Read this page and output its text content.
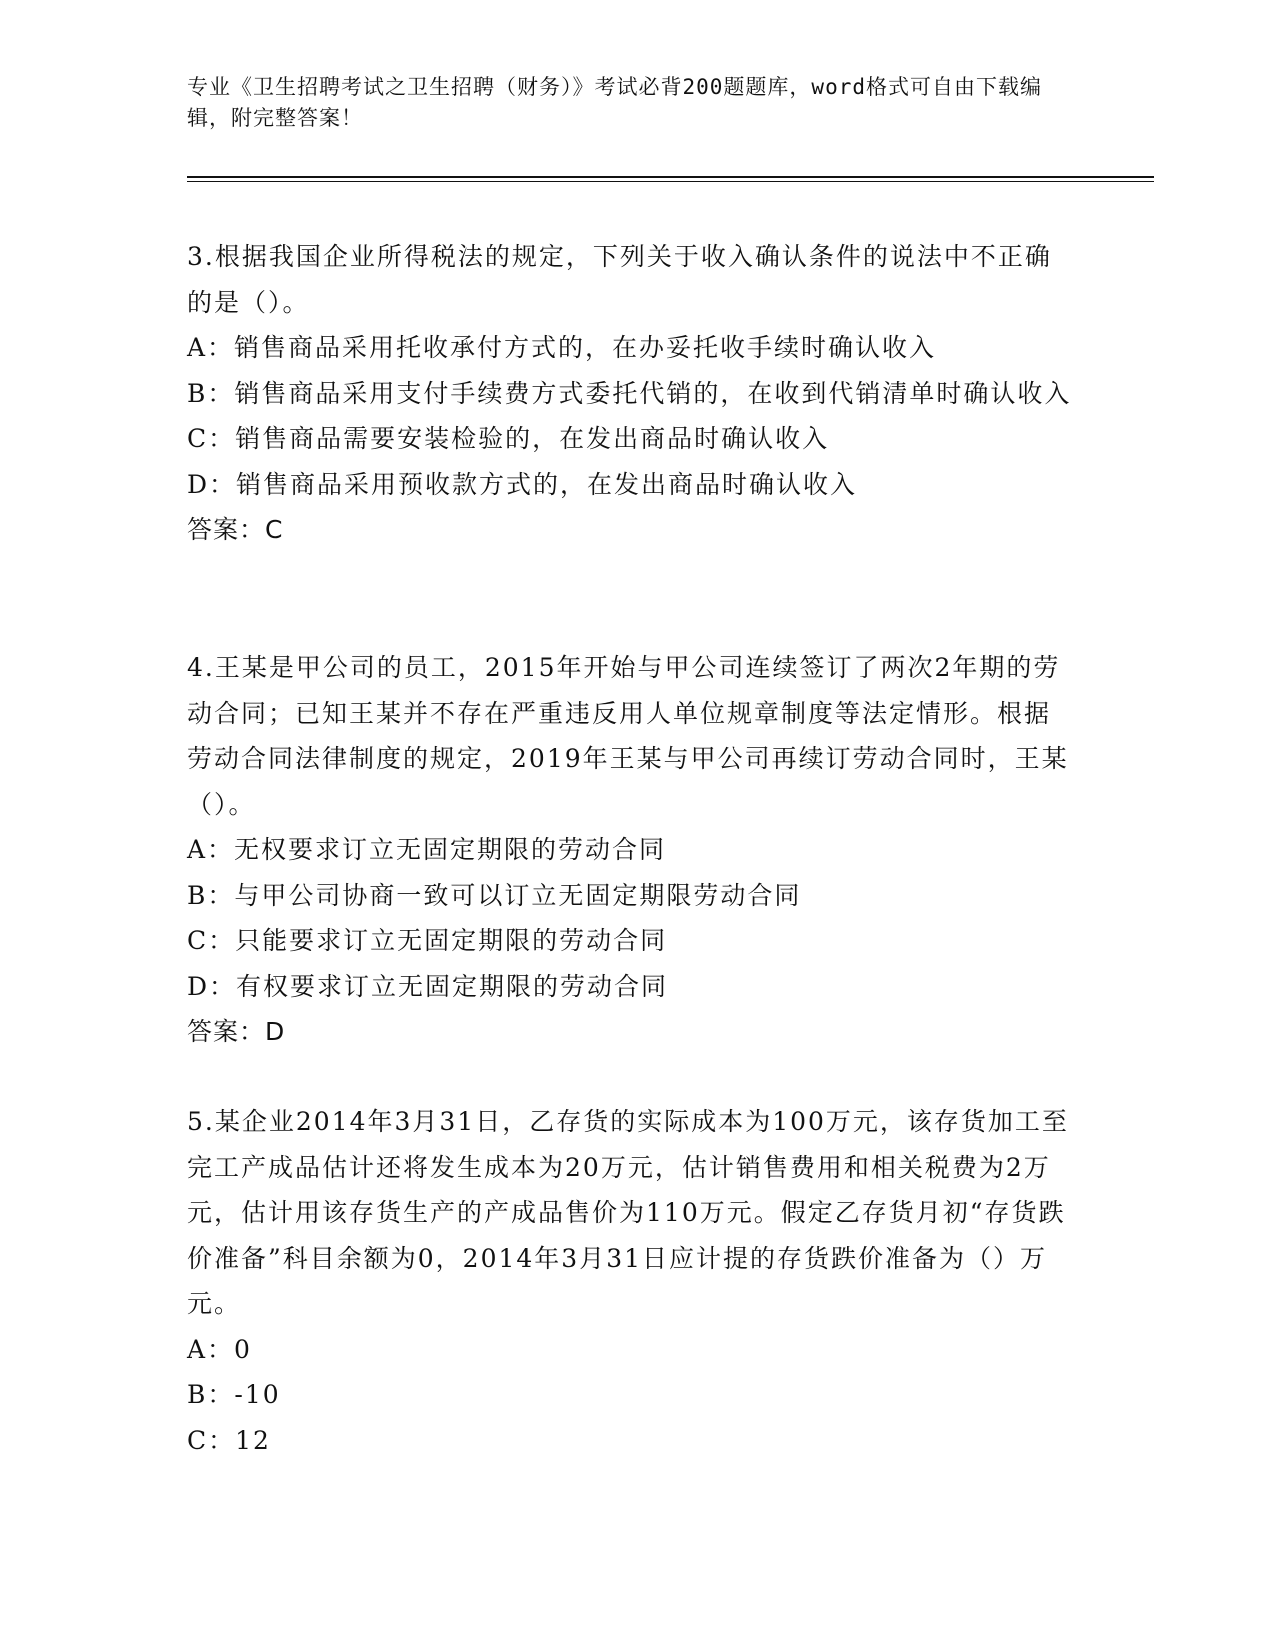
专业《卫生招聘考试之卫生招聘（财务）》考试必背200题题库，word格式可自由下载编辑，附完整答案！

3.根据我国企业所得税法的规定，下列关于收入确认条件的说法中不正确的是（）。

A：销售商品采用托收承付方式的，在办妥托收手续时确认收入

B：销售商品采用支付手续费方式委托代销的，在收到代销清单时确认收入

C：销售商品需要安装检验的，在发出商品时确认收入

D：销售商品采用预收款方式的，在发出商品时确认收入

答案：C

4.王某是甲公司的员工，2015年开始与甲公司连续签订了两次2年期的劳动合同；已知王某并不存在严重违反用人单位规章制度等法定情形。根据劳动合同法律制度的规定，2019年王某与甲公司再续订劳动合同时，王某（）。

A：无权要求订立无固定期限的劳动合同

B：与甲公司协商一致可以订立无固定期限劳动合同

C：只能要求订立无固定期限的劳动合同

D：有权要求订立无固定期限的劳动合同

答案：D

5.某企业2014年3月31日，乙存货的实际成本为100万元，该存货加工至完工产成品估计还将发生成本为20万元，估计销售费用和相关税费为2万元，估计用该存货生产的产成品售价为110万元。假定乙存货月初“存货跌价准备”科目余额为0，2014年3月31日应计提的存货跌价准备为（）万元。

A：0

B：-10

C：12
